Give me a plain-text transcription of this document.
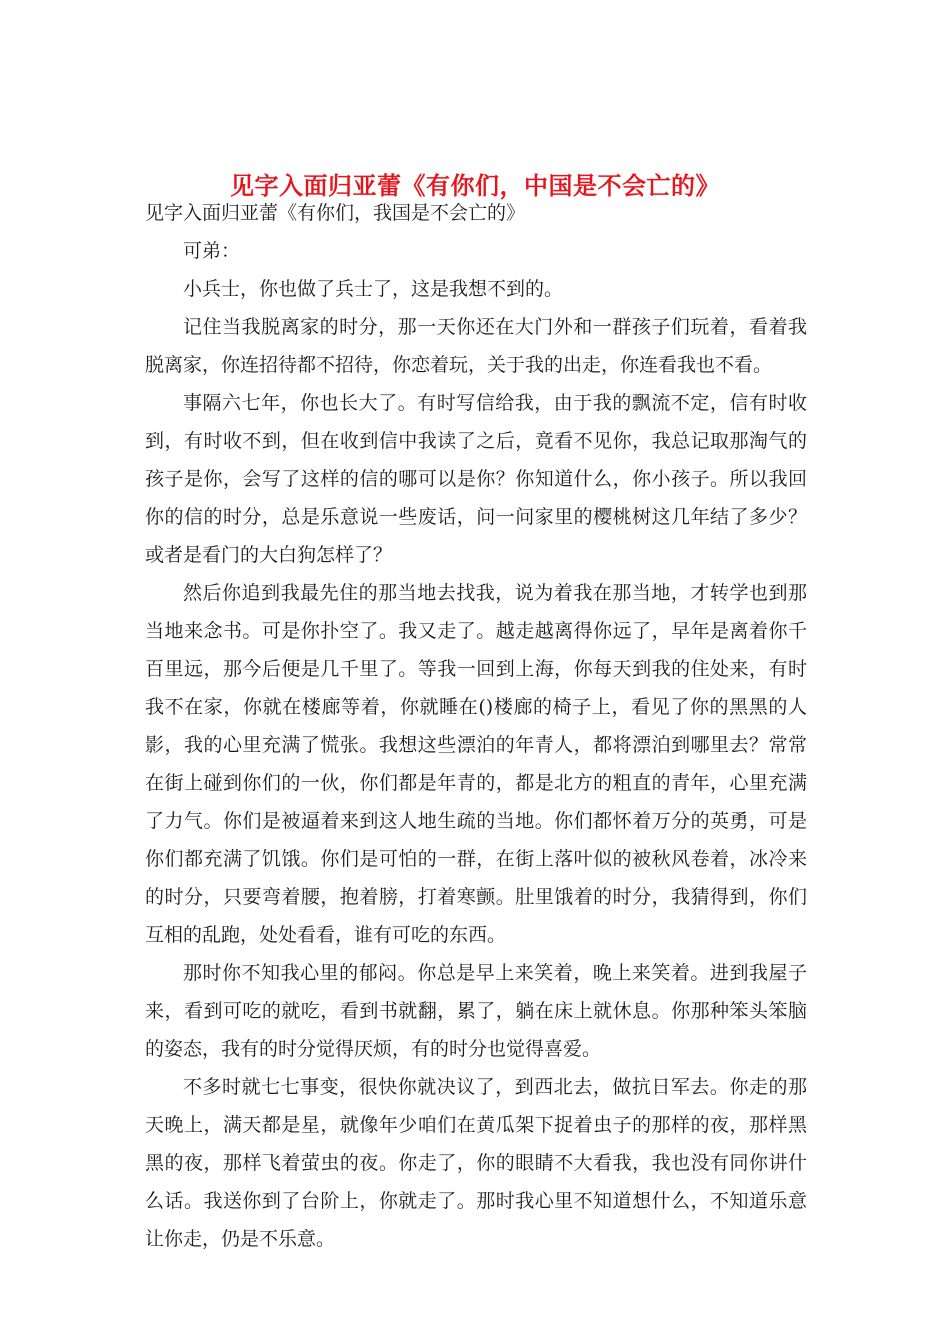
见字入面归亚蕾《有你们，中国是不会亡的》

见字入面归亚蕾《有你们，我国是不会亡的》

可弟：

小兵士，你也做了兵士了，这是我想不到的。

记住当我脱离家的时分，那一天你还在大门外和一群孩子们玩着，看着我脱离家，你连招待都不招待，你恋着玩，关于我的出走，你连看我也不看。

事隔六七年，你也长大了。有时写信给我，由于我的飘流不定，信有时收到，有时收不到，但在收到信中我读了之后，竟看不见你，我总记取那淘气的孩子是你，会写了这样的信的哪可以是你？你知道什么，你小孩子。所以我回你的信的时分，总是乐意说一些废话，问一问家里的樱桃树这几年结了多少？或者是看门的大白狗怎样了？

然后你追到我最先住的那当地去找我，说为着我在那当地，才转学也到那当地来念书。可是你扑空了。我又走了。越走越离得你远了，早年是离着你千百里远，那今后便是几千里了。等我一回到上海，你每天到我的住处来，有时我不在家，你就在楼廊等着，你就睡在()楼廊的椅子上，看见了你的黑黑的人影，我的心里充满了慌张。我想这些漂泊的年青人，都将漂泊到哪里去？常常在街上碰到你们的一伙，你们都是年青的，都是北方的粗直的青年，心里充满了力气。你们是被逼着来到这人地生疏的当地。你们都怀着万分的英勇，可是你们都充满了饥饿。你们是可怕的一群，在街上落叶似的被秋风卷着，冰冷来的时分，只要弯着腰，抱着膀，打着寒颤。肚里饿着的时分，我猜得到，你们互相的乱跑，处处看看，谁有可吃的东西。

那时你不知我心里的郁闷。你总是早上来笑着，晚上来笑着。进到我屋子来，看到可吃的就吃，看到书就翻，累了，躺在床上就休息。你那种笨头笨脑的姿态，我有的时分觉得厌烦，有的时分也觉得喜爱。

不多时就七七事变，很快你就决议了，到西北去，做抗日军去。你走的那天晚上，满天都是星，就像年少咱们在黄瓜架下捉着虫子的那样的夜，那样黑黑的夜，那样飞着萤虫的夜。你走了，你的眼睛不大看我，我也没有同你讲什么话。我送你到了台阶上，你就走了。那时我心里不知道想什么，不知道乐意让你走，仍是不乐意。
